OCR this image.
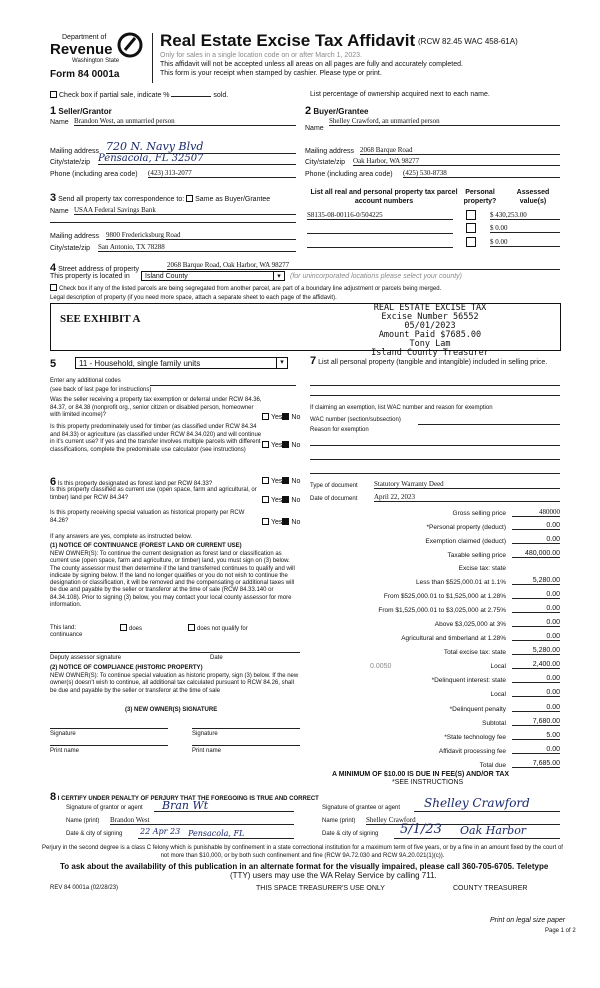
Department of
Revenue
Washington State
Form 84 0001a
Real Estate Excise Tax Affidavit (RCW 82.45 WAC 458-61A)
Only for sales in a single location code on or after March 1, 2023.
This affidavit will not be accepted unless all areas on all pages are fully and accurately completed.
This form is your receipt when stamped by cashier. Please type or print.
Check box if partial sale, indicate %	sold.	List percentage of ownership acquired next to each name.
1 Seller/Grantor
Name Brandon West, an unmarried person
Mailing address 720 N. Navy Blvd
City/state/zip Pensacola, FL 32507
Phone (including area code) (423) 313-2077
2 Buyer/Grantee
Name
Shelley Crawford, an unmarried person
Mailing address 2068 Barque Road
City/state/zip Oak Harbor, WA 98277
Phone (including area code) (425) 530-8738
3 Send all property tax correspondence to: Same as Buyer/Grantee
Name USAA Federal Savings Bank
Mailing address 9800 Fredericksburg Road
City/state/zip San Antonio, TX 78288
List all real and personal property tax parcel account numbers
Personal property?
Assessed value(s)
S8135-08-00116-0/504225	$ 430,253.00
$ 0.00
$ 0.00
4 Street address of property
2068 Barque Road, Oak Harbor, WA 98277
This property is located in	Island County	▾	(for unincorporated locations please select your county)
Check box if any of the listed parcels are being segregated from another parcel, are part of a boundary line adjustment or parcels being merged.
Legal description of property (if you need more space, attach a separate sheet to each page of the affidavit).
SEE EXHIBIT A
REAL ESTATE EXCISE TAX
Excise Number 56552
05/01/2023
Amount Paid $7685.00
Tony Lam
Island County Treasurer
5	11 - Household, single family units	▾ 7 List all personal property (tangible and intangible) included in selling price.
Enter any additional codes
(see back of last page for instructions)
Was the seller receiving a property tax exemption or deferral under RCW 84.36, 84.37, or 84.38 (nonprofit org., senior citizen or disabled person, homeowner with limited income)?	Yes No
Is this property predominately used for timber (as classified under RCW 84.34 and 84.33) or agriculture (as classified under RCW 84.34.020) and will continue in it's current use? If yes and the transfer involves multiple parcels with different classifications, complete the predominate use calculator (see instructions)
Yes No
If claiming an exemption, list WAC number and reason for exemption
WAC number (section/subsection)
Reason for exemption
6 Is this property designated as forest land per RCW 84.33?	Yes No
Is this property classified as current use (open space, farm and agricultural, or timber) land per RCW 84.34?	Yes No
Is this property receiving special valuation as historical property per RCW 84.26?	Yes No
If any answers are yes, complete as instructed below.
(1) NOTICE OF CONTINUANCE (FOREST LAND OR CURRENT USE)
NEW OWNER(S): To continue the current designation as forest land or classification as current use (open space, farm and agriculture, or timber) land, you must sign on (3) below. The county assessor must then determine if the land transferred continues to qualify and will indicate by signing below. If the land no longer qualifies or you do not wish to continue the designation or classification, it will be removed and the compensating or additional taxes will be due and payable by the seller or transferor at the time of sale (RCW 84.33.140 or 84.34.108). Prior to signing (3) below, you may contact your local county assessor for more information.
This land:	does	does not qualify for
continuance
Deputy assessor signature	Date
(2) NOTICE OF COMPLIANCE (HISTORIC PROPERTY)
NEW OWNER(S): To continue special valuation as historic property, sign (3) below. If the new owner(s) doesn't wish to continue, all additional tax calculated pursuant to RCW 84.26, shall be due and payable by the seller or transferor at the time of sale
(3) NEW OWNER(S) SIGNATURE
Signature	Signature
Print name	Print name
Type of document Statutory Warranty Deed
Date of document April 22, 2023
Gross selling price	480000
*Personal property (deduct)	0.00
Exemption claimed (deduct)	0.00
Taxable selling price	480,000.00
Excise tax: state
Less than $525,000.01 at 1.1%	5,280.00
From $525,000.01 to $1,525,000 at 1.28%	0.00
From $1,525,000.01 to $3,025,000 at 2.75%	0.00
Above $3,025,000 at 3%	0.00
Agricultural and timberland at 1.28%	0.00
Total excise tax: state	5,280.00
0.0050	Local	2,400.00
*Delinquent interest: state	0.00
Local	0.00
*Delinquent penalty	0.00
Subtotal	7,680.00
*State technology fee	5.00
Affidavit processing fee	0.00
Total due	7,685.00
A MINIMUM OF $10.00 IS DUE IN FEE(S) AND/OR TAX
*SEE INSTRUCTIONS
8 I CERTIFY UNDER PENALTY OF PERJURY THAT THE FOREGOING IS TRUE AND CORRECT
Signature of grantor or agent Bran Wt
Name (print) Brandon West
Date & city of signing 22 Apr 23 Pensacola, FL
Signature of grantee or agent Shelley Crawford
Name (print) Shelley Crawford
Date & city of signing 5/1/23 Oak Harbor
Perjury in the second degree is a class C felony which is punishable by confinement in a state correctional institution for a maximum term of five years, or by a fine in an amount fixed by the court of not more than $10,000, or by both such confinement and fine (RCW 9A.72.030 and RCW 9A.20.021(1)(c)).
To ask about the availability of this publication in an alternate format for the visually impaired, please call 360-705-6705. Teletype
(TTY) users may use the WA Relay Service by calling 711.
REV 84 0001a (02/28/23)	THIS SPACE TREASURER'S USE ONLY	COUNTY TREASURER
Print on legal size paper
Page 1 of 2
